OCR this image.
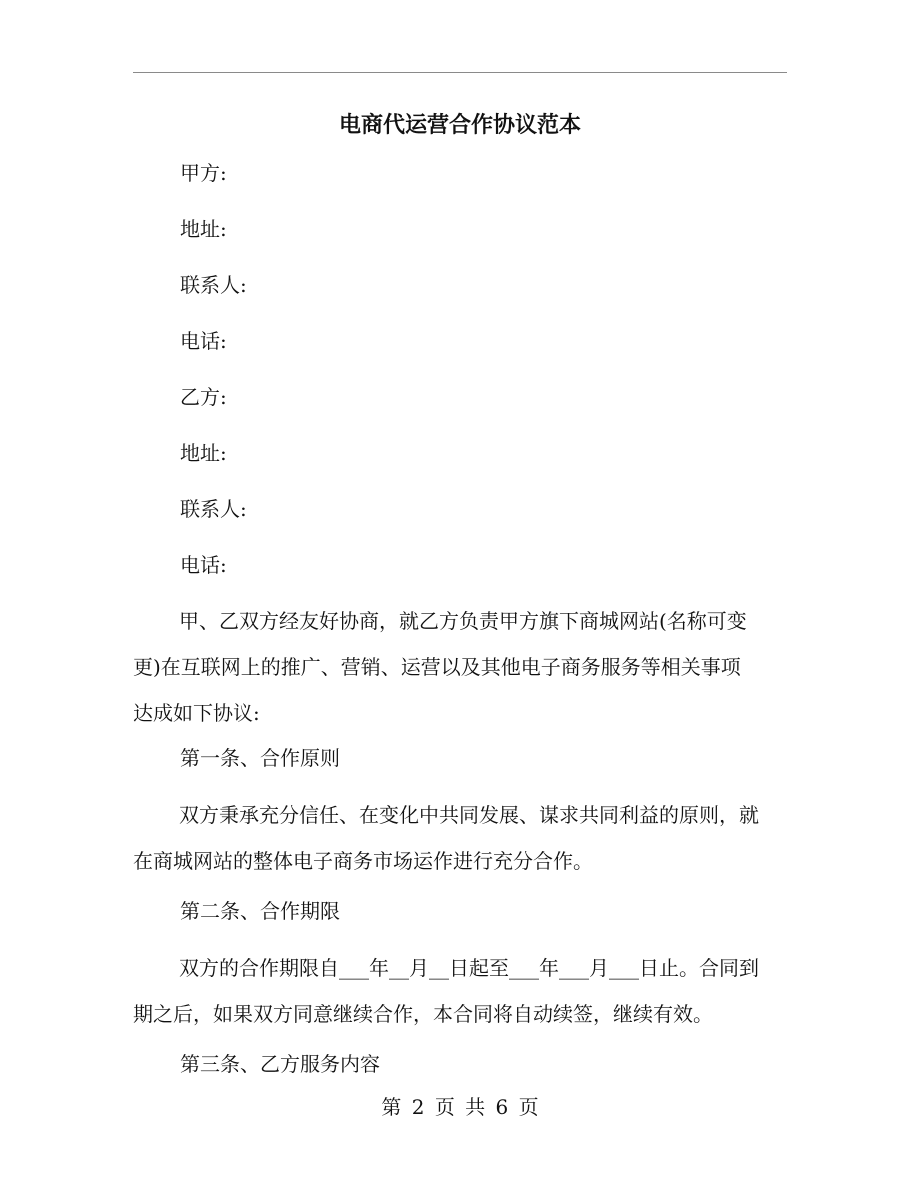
电商代运营合作协议范本
甲方:
地址:
联系人:
电话:
乙方:
地址:
联系人:
电话:
甲、乙双方经友好协商，就乙方负责甲方旗下商城网站(名称可变
更)在互联网上的推广、营销、运营以及其他电子商务服务等相关事项
达成如下协议:
第一条、合作原则
双方秉承充分信任、在变化中共同发展、谋求共同利益的原则，就
在商城网站的整体电子商务市场运作进行充分合作。
第二条、合作期限
双方的合作期限自___年__月__日起至___年___月___日止。合同到
期之后，如果双方同意继续合作，本合同将自动续签，继续有效。
第三条、乙方服务内容
第 2 页 共 6 页
